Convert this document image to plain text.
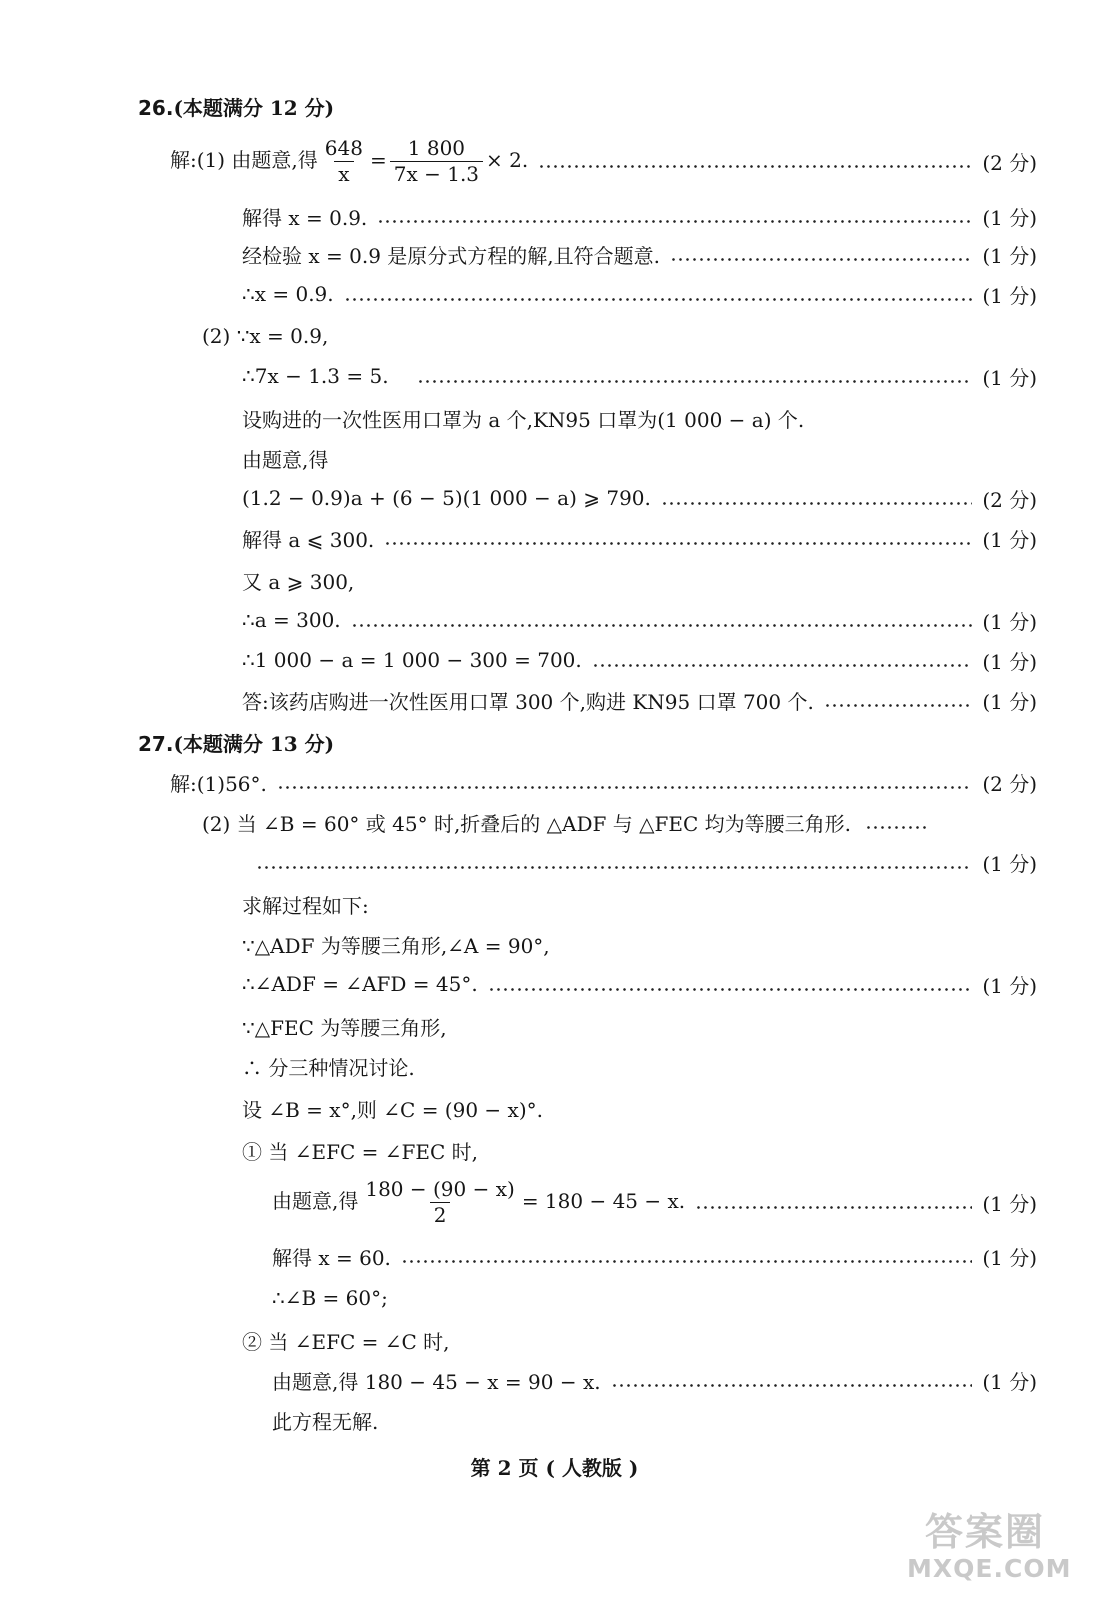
26.(本题满分 12 分)
解:(1) 由题意,得 $\frac{648}{x} = \frac{1 800}{7x - 1.3} \times 2$.	(2 分)
解得 x = 0.9.	(1 分)
经检验 x = 0.9 是原分式方程的解,且符合题意.	(1 分)
∴x = 0.9.	(1 分)
(2) ∵x = 0.9,
∴7x − 1.3 = 5.	(1 分)
设购进的一次性医用口罩为 a 个,KN95 口罩为(1 000 − a) 个.
由题意,得
(1.2 − 0.9)a + (6 − 5)(1 000 − a) ⩾ 790.	(2 分)
解得 a ⩽ 300.	(1 分)
又 a ⩾ 300,
∴a = 300.	(1 分)
∴1 000 − a = 1 000 − 300 = 700.	(1 分)
答:该药店购进一次性医用口罩 300 个,购进 KN95 口罩 700 个.	(1 分)
27.(本题满分 13 分)
解:(1)56°.	(2 分)
(2) 当 ∠B = 60° 或 45° 时,折叠后的 △ADF 与 △FEC 均为等腰三角形.
(1 分)
求解过程如下:
∵△ADF 为等腰三角形,∠A = 90°,
∴∠ADF = ∠AFD = 45°.	(1 分)
∵△FEC 为等腰三角形,
∴ 分三种情况讨论.
设 ∠B = x°,则 ∠C = (90 − x)°.
① 当 ∠EFC = ∠FEC 时,
由题意,得 $\frac{180 - (90 - x)}{2} = 180 - 45 - x$.	(1 分)
解得 x = 60.	(1 分)
∴∠B = 60°;
② 当 ∠EFC = ∠C 时,
由题意,得 180 − 45 − x = 90 − x.	(1 分)
此方程无解.
第 2 页 ( 人教版 )
答案圈
MXQE.COM
